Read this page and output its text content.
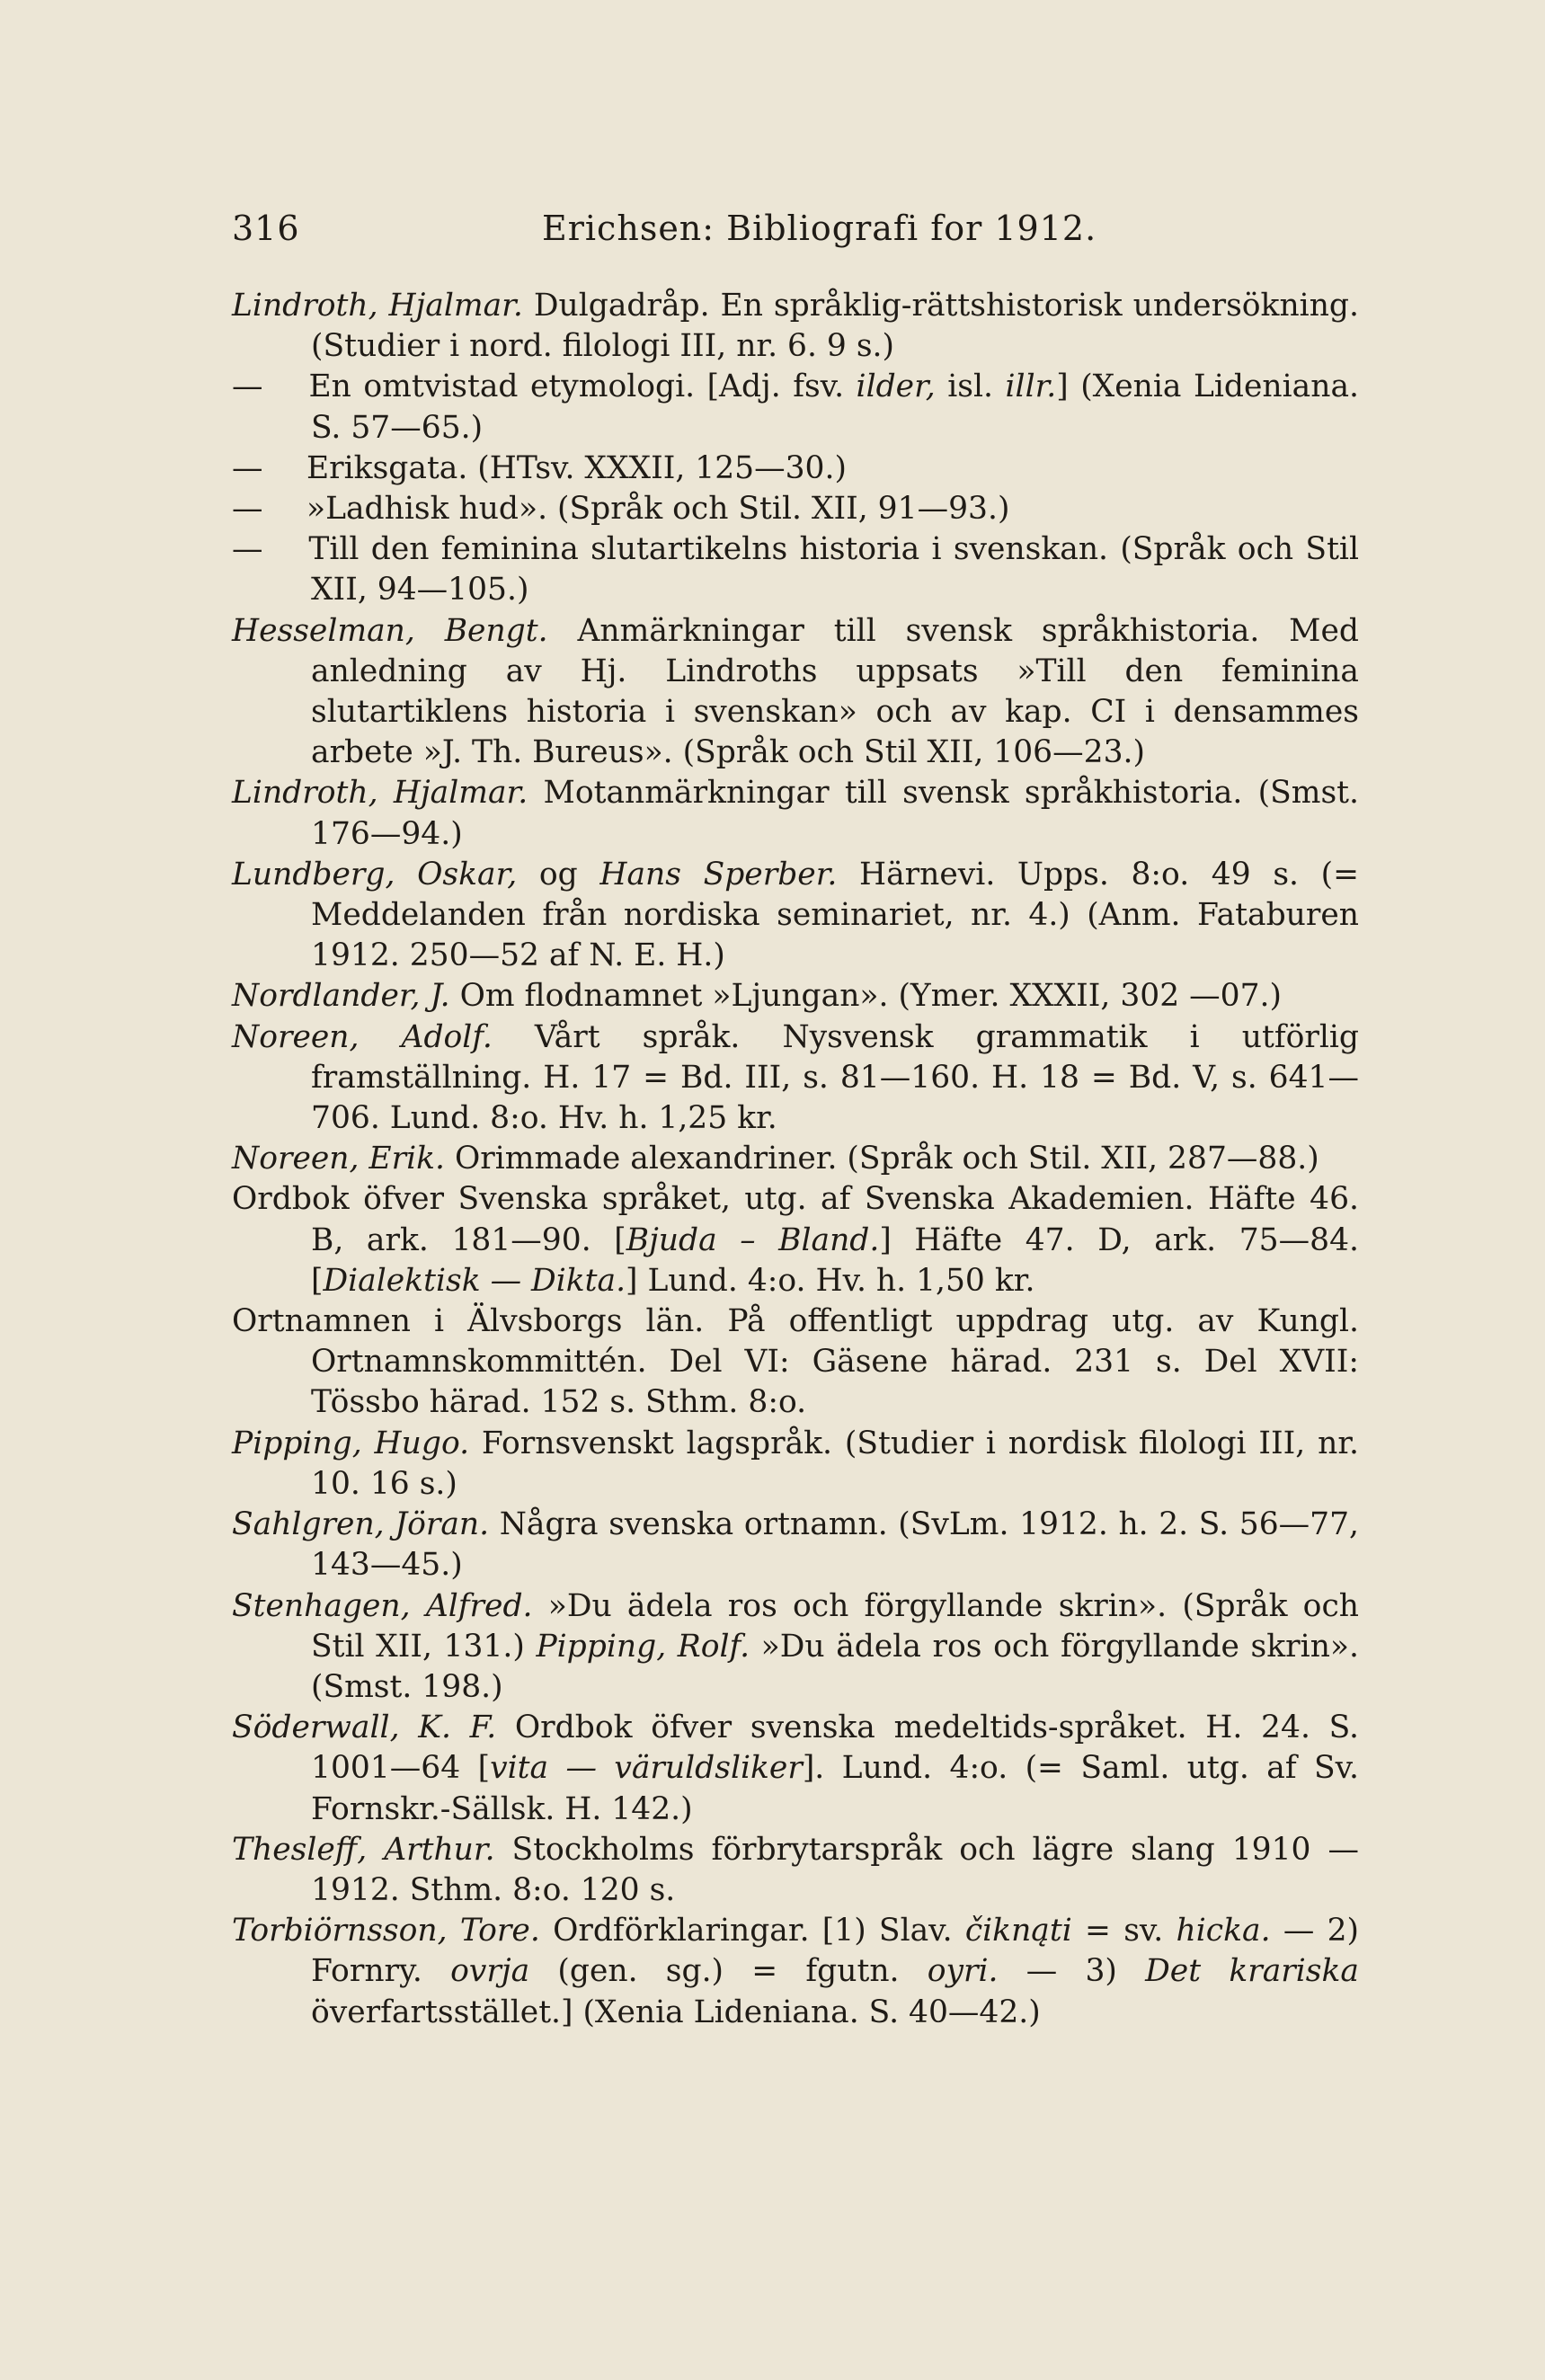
316	Erichsen: Bibliografi for 1912.
Lindroth, Hjalmar. Dulgadråp. En språklig-rättshistorisk undersökning. (Studier i nord. filologi III, nr. 6. 9 s.)
— En omtvistad etymologi. [Adj. fsv. ilder, isl. illr.] (Xenia Lideniana. S. 57—65.)
— Eriksgata. (HTsv. XXXII, 125—30.)
— »Ladhisk hud». (Språk och Stil. XII, 91—93.)
— Till den feminina slutartikelns historia i svenskan. (Språk och Stil XII, 94—105.)
Hesselman, Bengt. Anmärkningar till svensk språkhistoria. Med anledning av Hj. Lindroths uppsats »Till den feminina slutartiklens historia i svenskan» och av kap. CI i densammes arbete »J. Th. Bureus». (Språk och Stil XII, 106—23.)
Lindroth, Hjalmar. Motanmärkningar till svensk språkhistoria. (Smst. 176—94.)
Lundberg, Oskar, og Hans Sperber. Härnevi. Upps. 8:o. 49 s. (= Meddelanden från nordiska seminariet, nr. 4.) (Anm. Fataburen 1912. 250—52 af N. E. H.)
Nordlander, J. Om flodnamnet »Ljungan». (Ymer. XXXII, 302 —07.)
Noreen, Adolf. Vårt språk. Nysvensk grammatik i utförlig framställning. H. 17 = Bd. III, s. 81—160. H. 18 = Bd. V, s. 641—706. Lund. 8:o. Hv. h. 1,25 kr.
Noreen, Erik. Orimmade alexandriner. (Språk och Stil. XII, 287—88.)
Ordbok öfver Svenska språket, utg. af Svenska Akademien. Häfte 46. B, ark. 181—90. [Bjuda – Bland.] Häfte 47. D, ark. 75—84. [Dialektisk — Dikta.] Lund. 4:o. Hv. h. 1,50 kr.
Ortnamnen i Älvsborgs län. På offentligt uppdrag utg. av Kungl. Ortnamnskommittén. Del VI: Gäsene härad. 231 s. Del XVII: Tössbo härad. 152 s. Sthm. 8:o.
Pipping, Hugo. Fornsvenskt lagspråk. (Studier i nordisk filologi III, nr. 10. 16 s.)
Sahlgren, Jöran. Några svenska ortnamn. (SvLm. 1912. h. 2. S. 56—77, 143—45.)
Stenhagen, Alfred. »Du ädela ros och förgyllande skrin». (Språk och Stil XII, 131.) Pipping, Rolf. »Du ädela ros och förgyllande skrin». (Smst. 198.)
Söderwall, K. F. Ordbok öfver svenska medeltids-språket. H. 24. S. 1001—64 [vita — väruldsliker]. Lund. 4:o. (= Saml. utg. af Sv. Fornskr.-Sällsk. H. 142.)
Thesleff, Arthur. Stockholms förbrytarspråk och lägre slang 1910 —1912. Sthm. 8:o. 120 s.
Torbiörnsson, Tore. Ordförklaringar. [1) Slav. čiknąti = sv. hicka. — 2) Fornry. ovrja (gen. sg.) = fgutn. oyri. — 3) Det krariska överfartsstället.] (Xenia Lideniana. S. 40—42.)
